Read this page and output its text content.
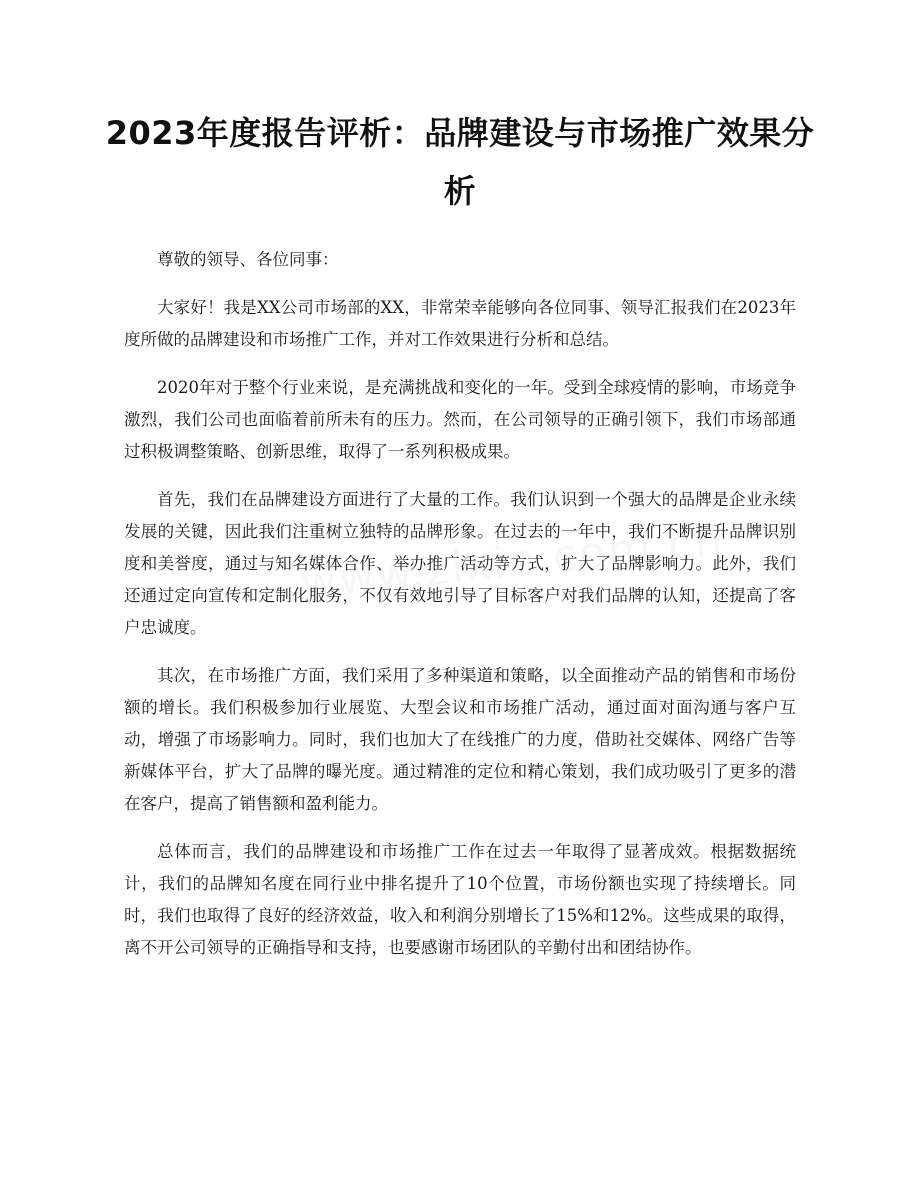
2023年度报告评析：品牌建设与市场推广效果分析

尊敬的领导、各位同事：

大家好！我是XX公司市场部的XX，非常荣幸能够向各位同事、领导汇报我们在2023年度所做的品牌建设和市场推广工作，并对工作效果进行分析和总结。

2020年对于整个行业来说，是充满挑战和变化的一年。受到全球疫情的影响，市场竞争激烈，我们公司也面临着前所未有的压力。然而，在公司领导的正确引领下，我们市场部通过积极调整策略、创新思维，取得了一系列积极成果。

首先，我们在品牌建设方面进行了大量的工作。我们认识到一个强大的品牌是企业永续发展的关键，因此我们注重树立独特的品牌形象。在过去的一年中，我们不断提升品牌识别度和美誉度，通过与知名媒体合作、举办推广活动等方式，扩大了品牌影响力。此外，我们还通过定向宣传和定制化服务，不仅有效地引导了目标客户对我们品牌的认知，还提高了客户忠诚度。

其次，在市场推广方面，我们采用了多种渠道和策略，以全面推动产品的销售和市场份额的增长。我们积极参加行业展览、大型会议和市场推广活动，通过面对面沟通与客户互动，增强了市场影响力。同时，我们也加大了在线推广的力度，借助社交媒体、网络广告等新媒体平台，扩大了品牌的曝光度。通过精准的定位和精心策划，我们成功吸引了更多的潜在客户，提高了销售额和盈利能力。

总体而言，我们的品牌建设和市场推广工作在过去一年取得了显著成效。根据数据统计，我们的品牌知名度在同行业中排名提升了10个位置，市场份额也实现了持续增长。同时，我们也取得了良好的经济效益，收入和利润分别增长了15%和12%。这些成果的取得，离不开公司领导的正确指导和支持，也要感谢市场团队的辛勤付出和团结协作。
